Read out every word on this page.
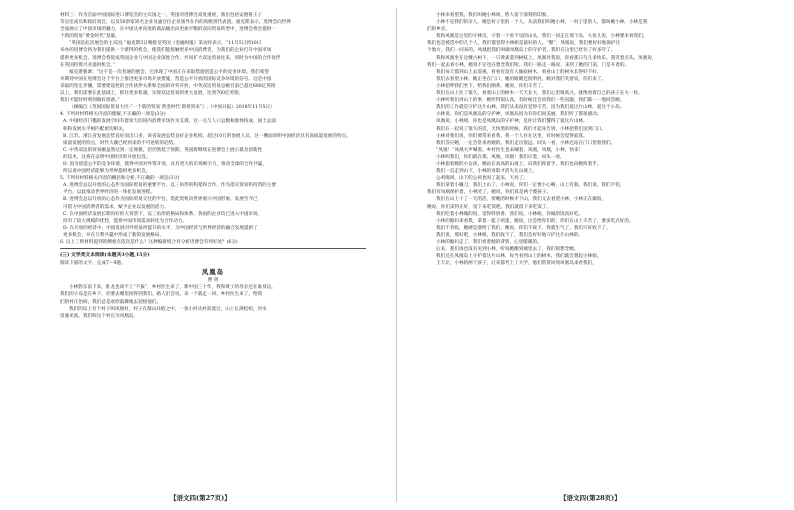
材料三：作为首届中国国际进口博览会的主宾国之一，英国对进博会高度重视，派出包括安德鲁王子
等皇室成员和政府高官，以及50余家知名企业及逾百位企业领导在内的高级别代表团。福克斯表示，进博会向世界
全面展示了中国市场的魅力，在中国从单向度的商品输出向更加平衡的双向贸易转型中，进博会将会提供一
个新的贸易“黄金时代”基础。
“英国是此次展会的主宾国，”福克斯3日晚接受英国《金融时报》采访时表示，“11月5日到10日
举办的进博会将为我们提供一个难得的机会，使我们能接触更多中国消费者，为我们的企业打开中国市场
提供更多机会。进博会将促成英国企业与中国企业深度合作，共同扩大双边贸易往来，同时为中国的合作伙伴
在英国投资兴业提供机会。”
福克斯强调：“这不是一次普通的展会，它体现了中国正在采取措施创造公平的竞争环境。我们希望
并期待中国在进博会这个平台上推进更多市场开放措施，营造公平开放的国际竞争环境的信号。这是中国
采取的坚定步骤，需要建设性的合作伙伴关系和全面的对外开放，中英双边贸易总额目前已超过680亿英镑
以上，我们需要在此基础上，抓住更多机遇，实现双边贸易的更大发展，达到700亿英镑，
我们才能时时刻刻做好准备。”
（摘编自《英国国际贸易大臣:“一个新的贸易‘黄金时代’即将到来”》,《中国日报》2018年11月5日）
4. 下列对材料相关内容的理解,不正确的一项是(3分)
A. 中国经济门槛的发展空间有着庞大的国内消费市场作为支撑，这一点与人口总数和群体构成、国土总面
积和发展水平相匹配密切相关。
B. 江苏、浙江省发展态势良好而出口多，该省发展态势良好企业机构，超过10万的参展人员，这一侧面说明中国经济具有高质量发展的特点。
质量发展的特点，时代大潮已经到来的不可逆转的趋势。
C. 中英双边的贸易额虽然达到一定规模，但仍然低于预期，英国将继续在进博会上展示最具创新性
的技术，这将在证明中国经济的开放包容。
D. 因为创造公平的竞争环境，使得中国对外资开放，具有更大的市场吸引力，推动全球的合作共赢，
所以说中国经济能够为世界提供更多机会。
5. 下列对材料相关内容的概括和分析,不正确的一项是(3分)
A. 进博会总以开放的心态作为国际贸易的重要平台，以三角形的构架和合作，作为落实贸易和投资的主要
平台，以此推动世界经济的一体化发展进程。
B. 进博会总以开放的心态作为国际贸易交往的平台，借此契机向世界展示中国形象，发展至今已
可借力中国消费者的需求，赋予企业以发展的活力。
C. 在中国经济发展长期向好的大背景下，以三角形的格局和体系，各国的企业均已进入中国市场，
持有了较大规模的优势，能将中国市场需求转化为合作动力。
D. 在开放的经济中，中国发展对外贸易所提升的水平，为中国经济与世界经济的融合发展提供了
更多机会，并在互利共赢中形成了新的发展格局。
6. 以上三则材料提到的侧重点依次是什么？这种编排组合对分析进博会有何好处？(6分)
(三) 文学类文本阅读(本题共3小题,15分)
阅读下面的文字，完成7～9题。
凤凰岛
曹 剑
小林黔东南下来，卧龙也谈不上“不拔”，乡村医生来了，新中国三十年，我和黄子的母亲还在谁身边。
我们的小岛是在乡下，你要去哪里找得到我们。路人们会说，来一个就走一回。乡村医生来了，给我
们的村庄治病，我们总是欢欣鼓舞地去迎接他们。
我们的岛上有个村子叫凤凰村，村子在群山环抱之中，一条小河从村前流过。山上长满松柏，河水
清澈见底。我们叫这个村庄为凤凰岛。
小林来看望我，我们叫她小林姐，给人留下深刻的印象。
小林不是我们的亲人，她是村子里的一个人，从前我们叫她小林，一村子里的人，都叫她小林，小林是我
们的乡亲。
我和凤凰是这里的守林员，守着一个看不见的山头，我们一同走在那个岛，大伙儿说，小林要来看我们。
我们也是被选中的几个人，我们都觉得小林姐是最好的人。“嗯”，凤凰说，我们要好好地保护这
个地方，我们一同来的。凤凰把我们叫做凤凰岛上的守护者，我们在这里已经住了好多年了。
我和凤凰坐在这棵古树下，一只黄雀落到树枝上，凤凰对我说，你看那只鸟儿多快乐。我笑着点头。凤凰说，
我们一起去看小林，她说不定也在想念我们呢。我们一路走一路说，来到了她的门前，门是开着的。
我们每天都到山上去巡视，看看有没有人偷砍树木，看看山上的树木长得好不好。
我们去看望小林，她正坐在门口，她的眼睛还很明亮，她对我们笑着说，你们来了。
小林招呼我们坐下，给我们倒茶，她说，你们辛苦了。
我们在山上住了很久，看着山上的树木一天天长大，我们心里很高兴，就像看着自己的孩子长大一样。
小林听我们讲山上的事，她听得很认真，有时候还会问我们一些问题，我们都一一地回答她。
我们的工作就是守护这片山林，我们从来没有觉得辛苦，因为我们爱这片山林，爱这个小岛。
小林说，你们是凤凰岛的守护神，凤凰岛因为有你们而美丽。我们听了都很感动。
凤凰说，小林姐，你也是凤凰岛的守护神，是你让我们懂得了爱这片山林。
我们在一起说了很久的话，天快黑的时候，我们才起身告别，小林把我们送到门口。
小林对我们说，你们要常来看我，我一个人住在这里，有时候会觉得寂寞。
我们答应她，一定会常来看她的。我们走出很远，回头一看，小林还站在门口望着我们。
“凤凰！”凤凰大声喊着。乡村医生也来喊着，凤凰，凤凰，小林，快来！
小林叫我们，你们就在那，凤凰，凤凰！我们应着，回头一看，
小林抱着她的小女孩，她站在高高的山坡上，向我们挥着手，我们也向她挥着手。
我们一直走到山下，小林的身影才消失在山坡上。
公鸡喝叫，山下的公鸡也叫了起来，天亮了。
我们拿着小镰刀，我们上山了，小林说，你们一定要小心啊，山上有狼。我们说，我们不怕，
我们有凤凰保护着。小林笑了，她说，你们真是两个傻孩子。
我们在山上干了一天的活，傍晚的时候才下山，我们又去看望小林，小林正在做饭，
她说，你们来得正好，留下来吃饭吧。我们就留下来吃饭了。
我们吃着小林做的饭，觉得特别香，我们说，小林姐，你做的饭真好吃。
小林的媳妇来看我，拿着一篮子鸡蛋，她说，这是给你们的，你们在山上辛苦了，要多吃点好的。
我们不肯收，她硬是塞给了我们，她说，你们不收下，我就生气了。我们只好收下了。
我们说，那好吧，小林姐，我们收下了，我们会好好地守护这片山林的。
小林的媳妇走了，我们看着她的背影，心里暖暖的。
后来，我们再也没有见到小林，听说她搬到城里去了，我们很想念她。
我们还在凤凰岛上守护着这片山林，每当看到山上的树木，我们就会想起小林姐。
王天让，小林的两个孩子，后来都考上了大学，他们常常回到凤凰岛来看我们，
【语文四(第27页)】	【语文四(第28页)】
